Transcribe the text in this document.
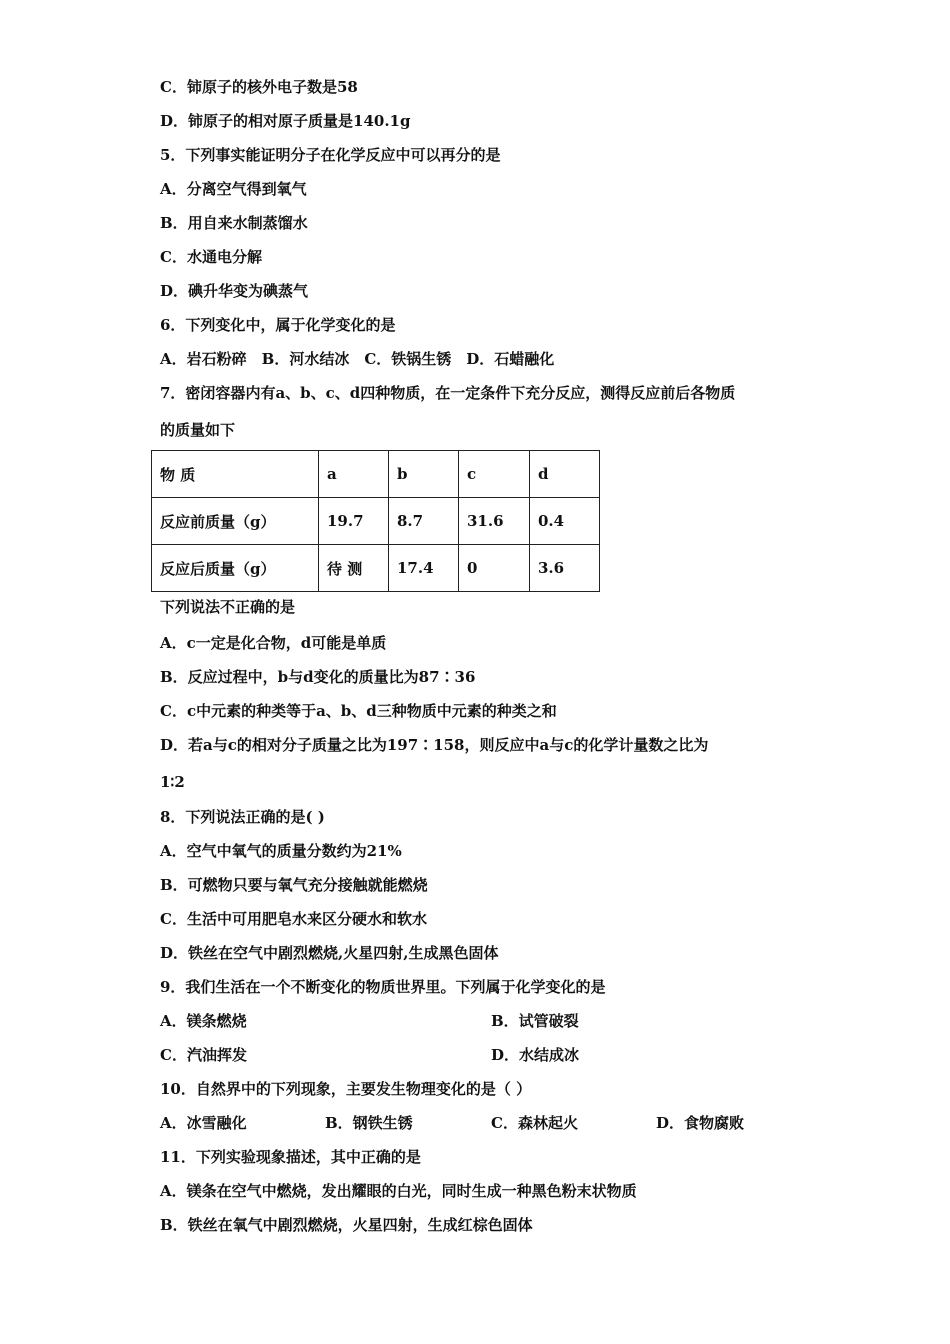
C．铈原子的核外电子数是58
D．铈原子的相对原子质量是140.1g
5．下列事实能证明分子在化学反应中可以再分的是
A．分离空气得到氧气
B．用自来水制蒸馏水
C．水通电分解
D．碘升华变为碘蒸气
6．下列变化中，属于化学变化的是
A．岩石粉碎　B．河水结冰　C．铁锅生锈　D．石蜡融化
7．密闭容器内有a、b、c、d四种物质，在一定条件下充分反应，测得反应前后各物质
的质量如下
物 质	a	b	c	d
反应前质量（g）	19.7	8.7	31.6	0.4
反应后质量（g）	待 测	17.4	0	3.6
下列说法不正确的是
A．c一定是化合物，d可能是单质
B．反应过程中，b与d变化的质量比为87∶36
C．c中元素的种类等于a、b、d三种物质中元素的种类之和
D．若a与c的相对分子质量之比为197∶158，则反应中a与c的化学计量数之比为
1∶2
8．下列说法正确的是( )
A．空气中氧气的质量分数约为21%
B．可燃物只要与氧气充分接触就能燃烧
C．生活中可用肥皂水来区分硬水和软水
D．铁丝在空气中剧烈燃烧,火星四射,生成黑色固体
9．我们生活在一个不断变化的物质世界里。下列属于化学变化的是
A．镁条燃烧	B．试管破裂
C．汽油挥发	D．水结成冰
10．自然界中的下列现象，主要发生物理变化的是（ ）
A．冰雪融化	B．钢铁生锈	C．森林起火	D．食物腐败
11．下列实验现象描述，其中正确的是
A．镁条在空气中燃烧，发出耀眼的白光，同时生成一种黑色粉末状物质
B．铁丝在氧气中剧烈燃烧，火星四射，生成红棕色固体
